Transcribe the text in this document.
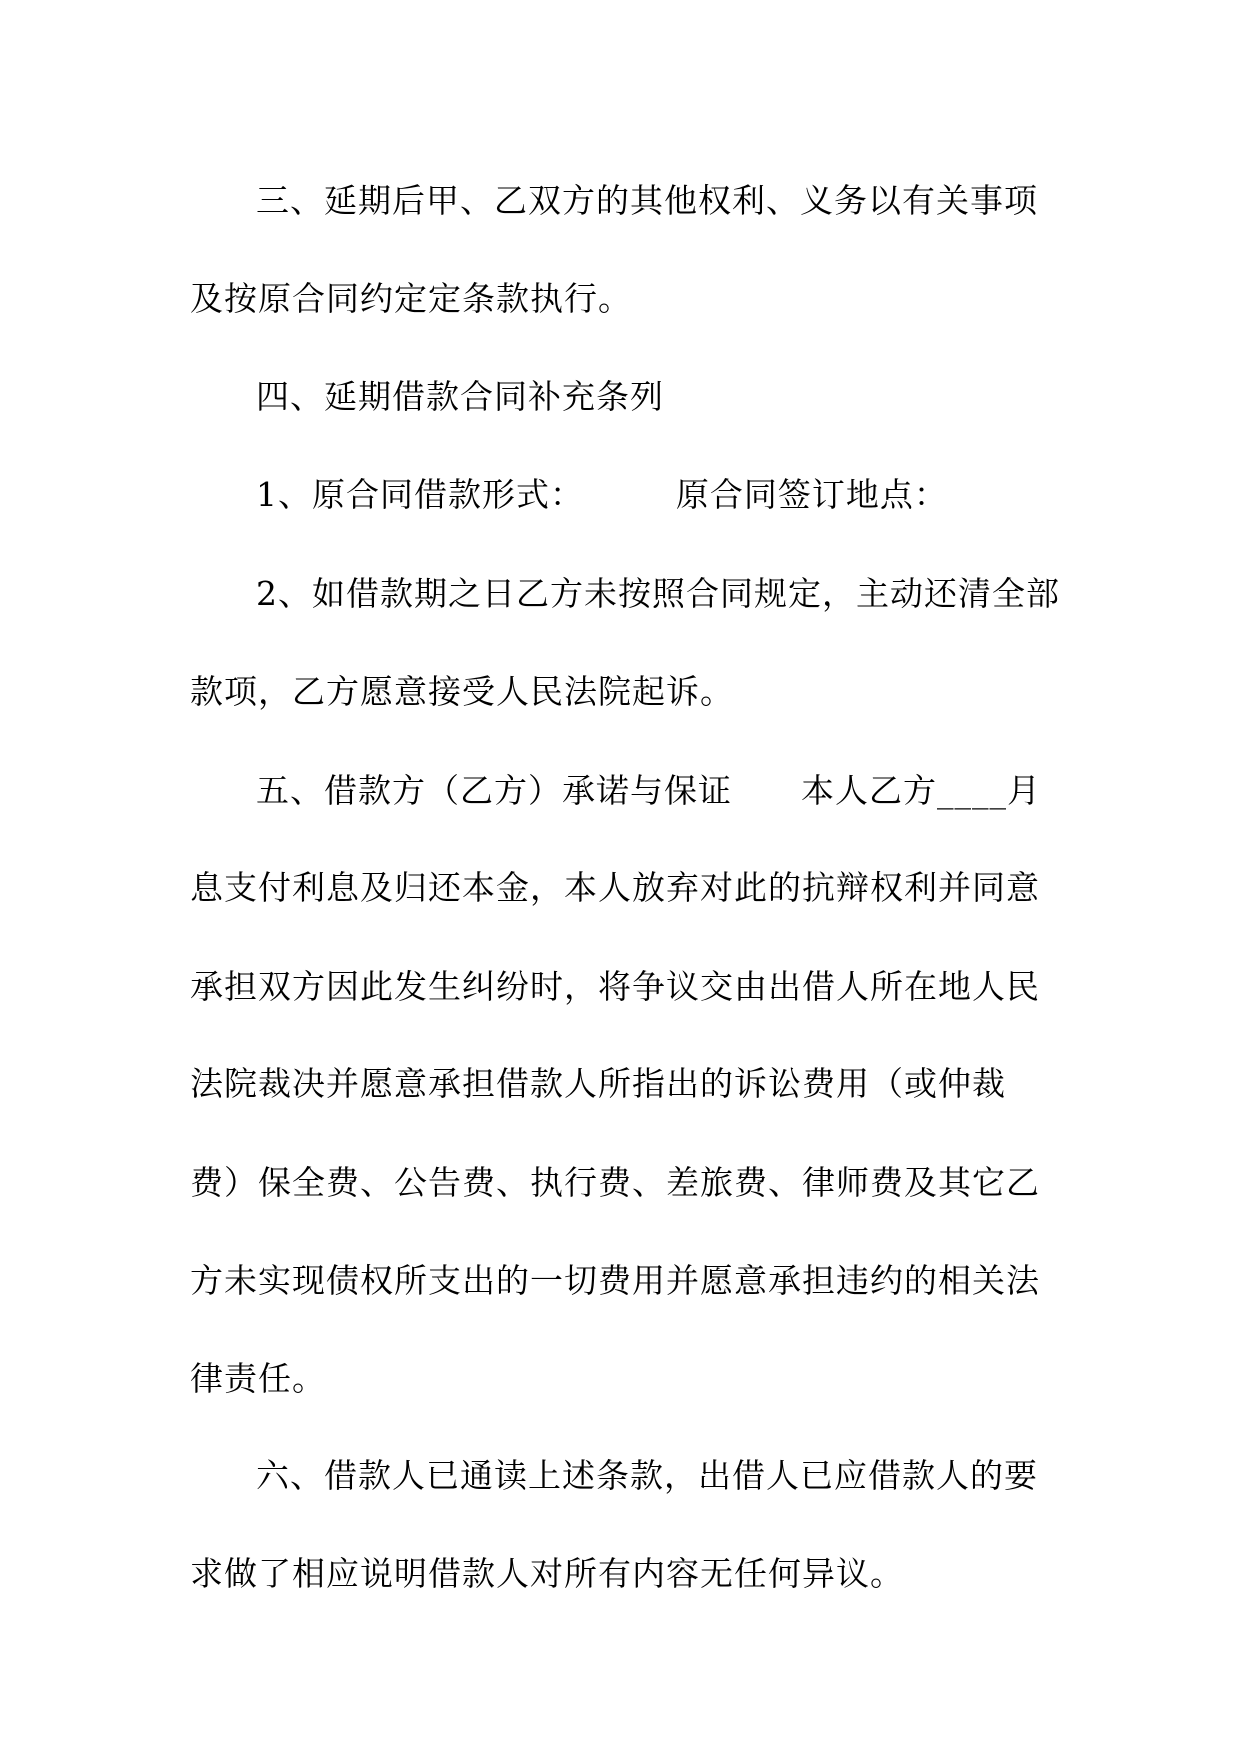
三、延期后甲、乙双方的其他权利、义务以有关事项
及按原合同约定定条款执行。
四、延期借款合同补充条列
1、原合同借款形式：        原合同签订地点：
2、如借款期之日乙方未按照合同规定，主动还清全部
款项，乙方愿意接受人民法院起诉。
五、借款方（乙方）承诺与保证      本人乙方____月
息支付利息及归还本金，本人放弃对此的抗辩权利并同意
承担双方因此发生纠纷时，将争议交由出借人所在地人民
法院裁决并愿意承担借款人所指出的诉讼费用（或仲裁
费）保全费、公告费、执行费、差旅费、律师费及其它乙
方未实现债权所支出的一切费用并愿意承担违约的相关法
律责任。
六、借款人已通读上述条款，出借人已应借款人的要
求做了相应说明借款人对所有内容无任何异议。
